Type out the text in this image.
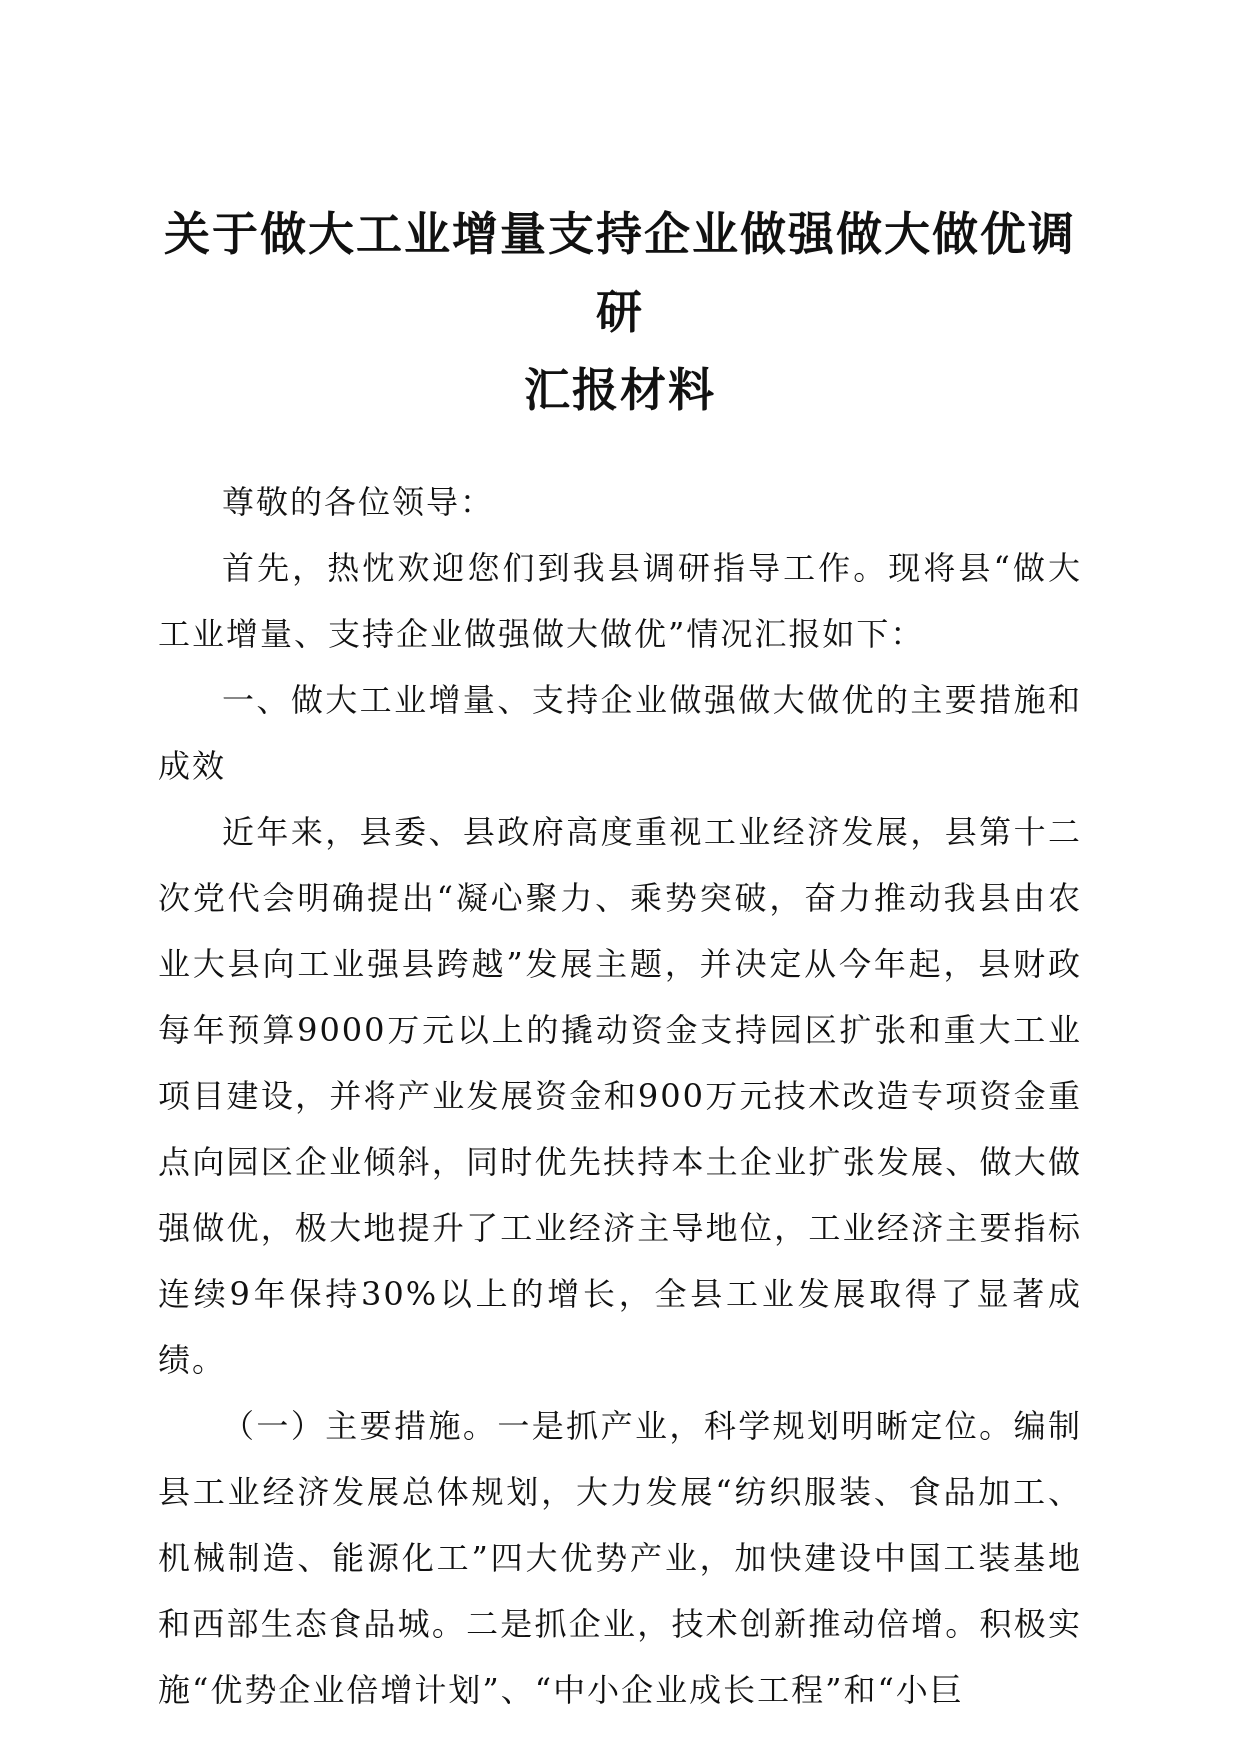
关于做大工业增量支持企业做强做大做优调研
汇报材料

尊敬的各位领导：

首先，热忱欢迎您们到我县调研指导工作。现将县“做大工业增量、支持企业做强做大做优”情况汇报如下：

一、做大工业增量、支持企业做强做大做优的主要措施和成效

近年来，县委、县政府高度重视工业经济发展，县第十二次党代会明确提出“凝心聚力、乘势突破，奋力推动我县由农业大县向工业强县跨越”发展主题，并决定从今年起，县财政每年预算9000万元以上的撬动资金支持园区扩张和重大工业项目建设，并将产业发展资金和900万元技术改造专项资金重点向园区企业倾斜，同时优先扶持本土企业扩张发展、做大做强做优，极大地提升了工业经济主导地位，工业经济主要指标连续9年保持30%以上的增长，全县工业发展取得了显著成绩。

（一）主要措施。一是抓产业，科学规划明晰定位。编制县工业经济发展总体规划，大力发展“纺织服装、食品加工、机械制造、能源化工”四大优势产业，加快建设中国工装基地和西部生态食品城。二是抓企业，技术创新推动倍增。积极实施“优势企业倍增计划”、“中小企业成长工程”和“小巨
